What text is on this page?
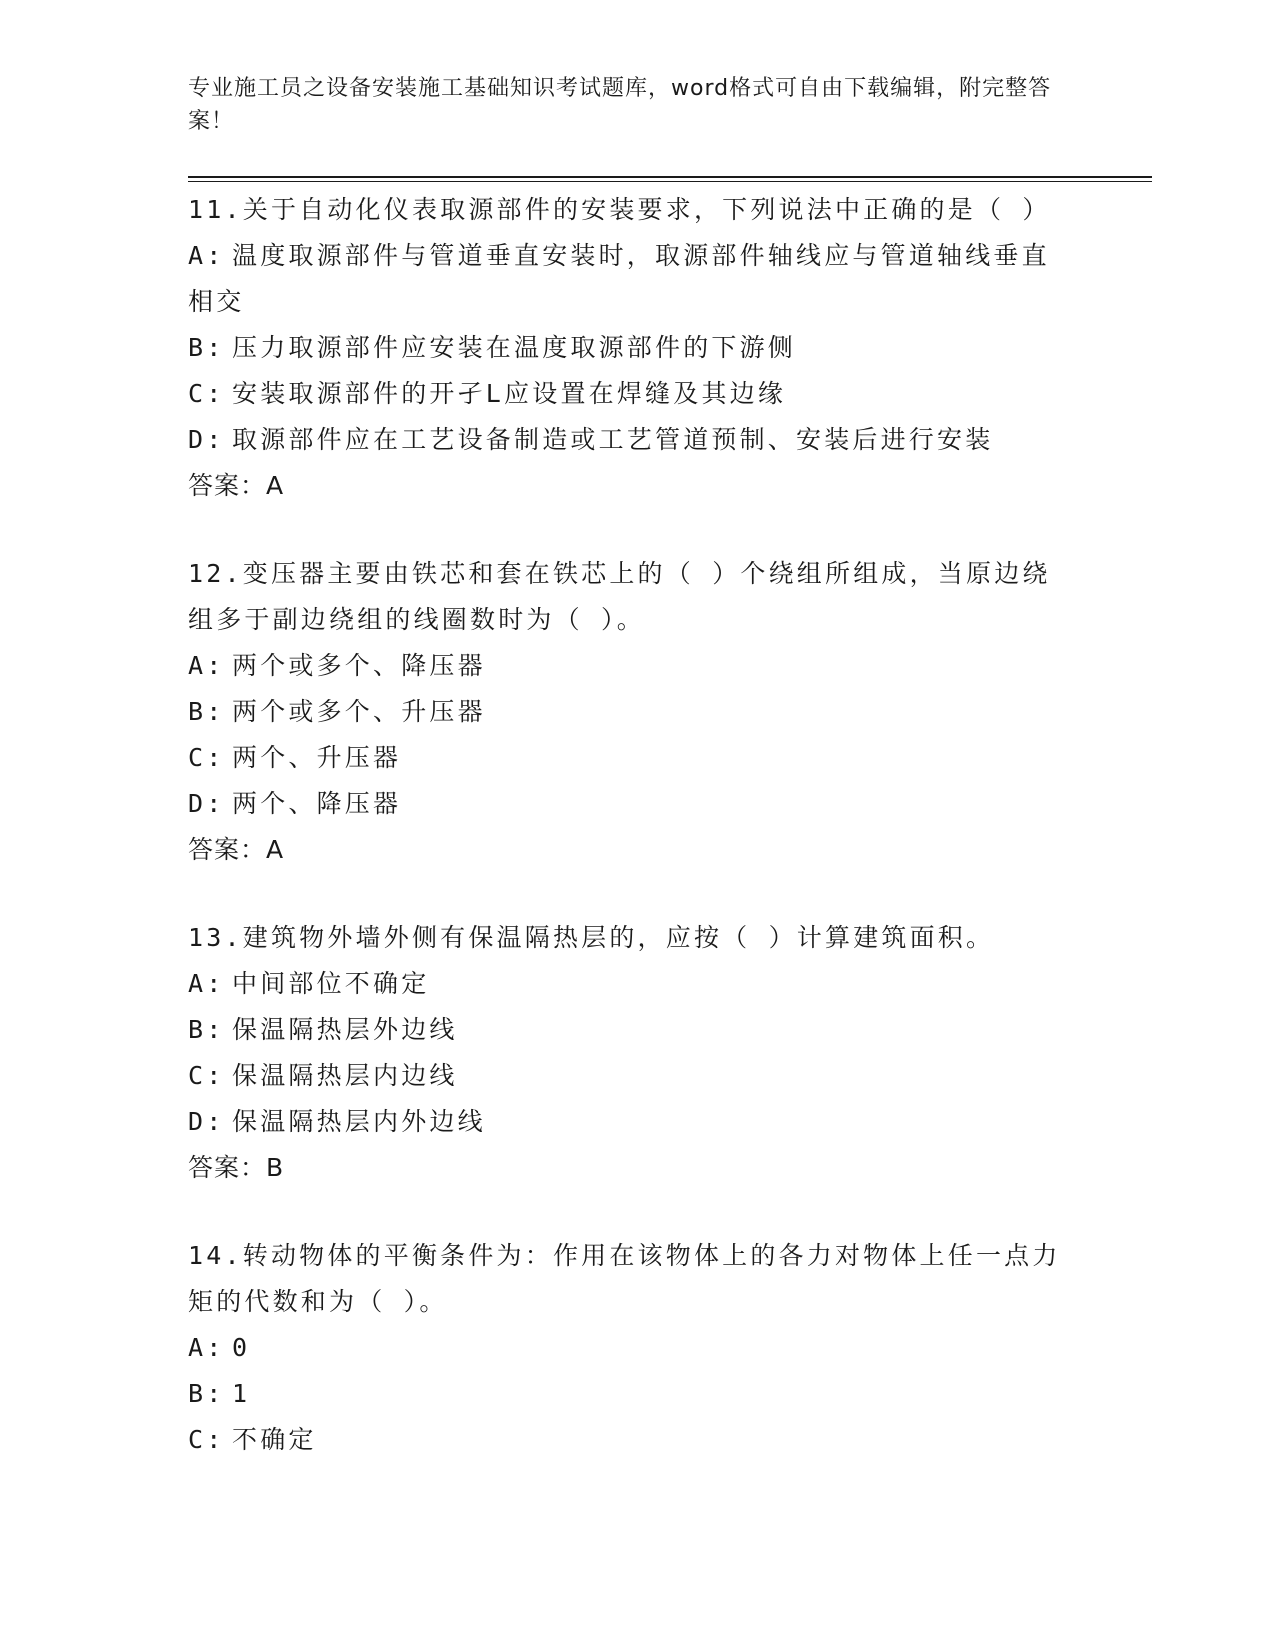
专业施工员之设备安装施工基础知识考试题库，word格式可自由下载编辑，附完整答案！
11.关于自动化仪表取源部件的安装要求，下列说法中正确的是（ ）
A: 温度取源部件与管道垂直安装时，取源部件轴线应与管道轴线垂直
相交
B: 压力取源部件应安装在温度取源部件的下游侧
C: 安装取源部件的开孑L应设置在焊缝及其边缘
D: 取源部件应在工艺设备制造或工艺管道预制、安装后进行安装
答案：A
12.变压器主要由铁芯和套在铁芯上的（ ）个绕组所组成，当原边绕
组多于副边绕组的线圈数时为（ ）。
A: 两个或多个、降压器
B: 两个或多个、升压器
C: 两个、升压器
D: 两个、降压器
答案：A
13.建筑物外墙外侧有保温隔热层的，应按（ ）计算建筑面积。
A: 中间部位不确定
B: 保温隔热层外边线
C: 保温隔热层内边线
D: 保温隔热层内外边线
答案：B
14.转动物体的平衡条件为：作用在该物体上的各力对物体上任一点力
矩的代数和为（ ）。
A: 0
B: 1
C: 不确定
